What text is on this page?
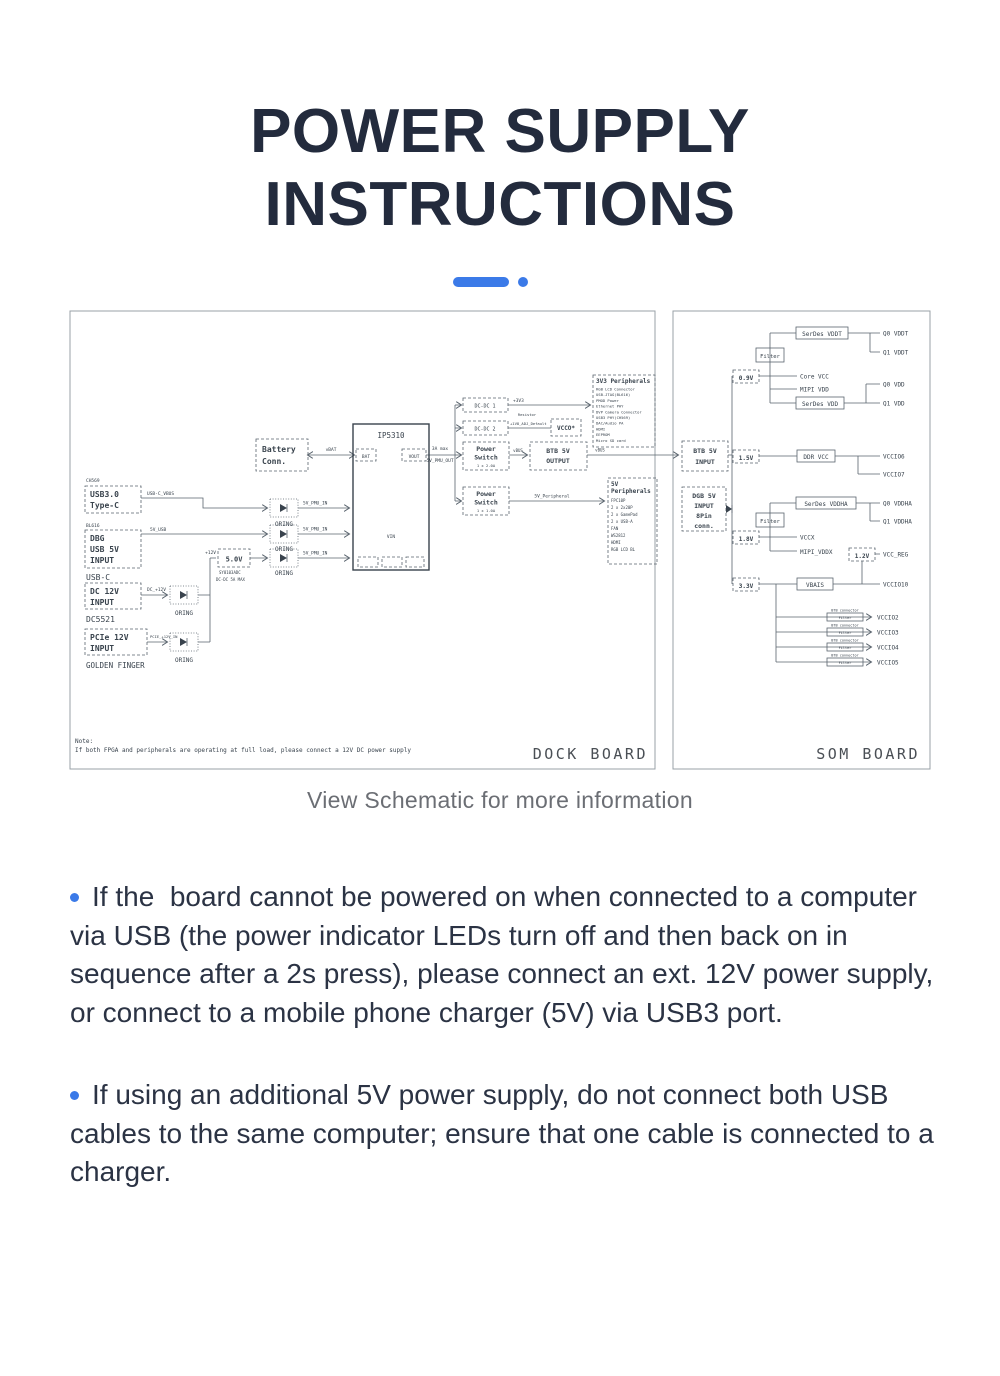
POWER SUPPLY
INSTRUCTIONS
Battery
Conn.
vBAT
IP5310
BAT	VOUT
VIN
3A max
5V_PMU_OUT
DC-DC 1
+3V3
DC-DC 2
+1V8_ADJ_Default
Resistor
VCCO*
Power
Switch
1 x 2.0A
vBUS	BTB 5V
OUTPUT
vBUS
Power
Switch
1 x 1.0A
5V_Peripheral
3V3 Peripherals
RGB LCD Connector
USB-JTAG(BL616)
PMOD Power
Ethernet PHY
DVP Camera Connector
USB3 PHY(CH569)
DAC/Audio PA
HDMI
EEPROM
Micro SD card
5V
Peripherals
FPC10P
2 x 2x20P
2 x GamePad
2 x USB-A
FAN
WS2812
HDMI
RGB LCD BL
CH569
USB3.0
Type-C
USB-C_VBUS
BL616
DBG
USB 5V
INPUT
USB-C
5V_USB
DC 12V
INPUT
DC5521
DC_+12V
PCIe 12V
INPUT
GOLDEN FINGER
PCIE_+12V_IN
5.0V
SY8103ADC
DC-DC 5A MAX
+12V
ORING
ORING
ORING
ORING
ORING
5V_PMU_IN
5V_PMU_IN
5V_PMU_IN
Note:
If both FPGA and peripherals are operating at full load, please connect a 12V DC power supply	DOCK BOARD
BTB 5V
INPUT
DGB 5V
INPUT
8Pin
conn.
0.9V
1.5V
1.8V
3.3V
1.2V
Filter
Filter
SerDes VDDT	Q0 VDDT
Q1 VDDT
Core VCC
MIPI VDD
SerDes VDD
Q0 VDD
Q1 VDD
DDR VCC	VCCIO6
VCCIO7
SerDes VDDHA	Q0 VDDHA
Q1 VDDHA
VCCX
MIPI_VDDX	VCC_REG
VBAIS	VCCIO10
BTB connector
Filter	VCCIO2
BTB connector
Filter	VCCIO3
BTB connector
Filter	VCCIO4
BTB connector
Filter	VCCIO5
SOM BOARD
View Schematic for more information

If the  board cannot be powered on when connected to a computer via USB (the power indicator LEDs turn off and then back on in sequence after a 2s press), please connect an ext. 12V power supply, or connect to a mobile phone charger (5V) via USB3 port.

If using an additional 5V power supply, do not connect both USB cables to the same computer; ensure that one cable is connected to a charger.
